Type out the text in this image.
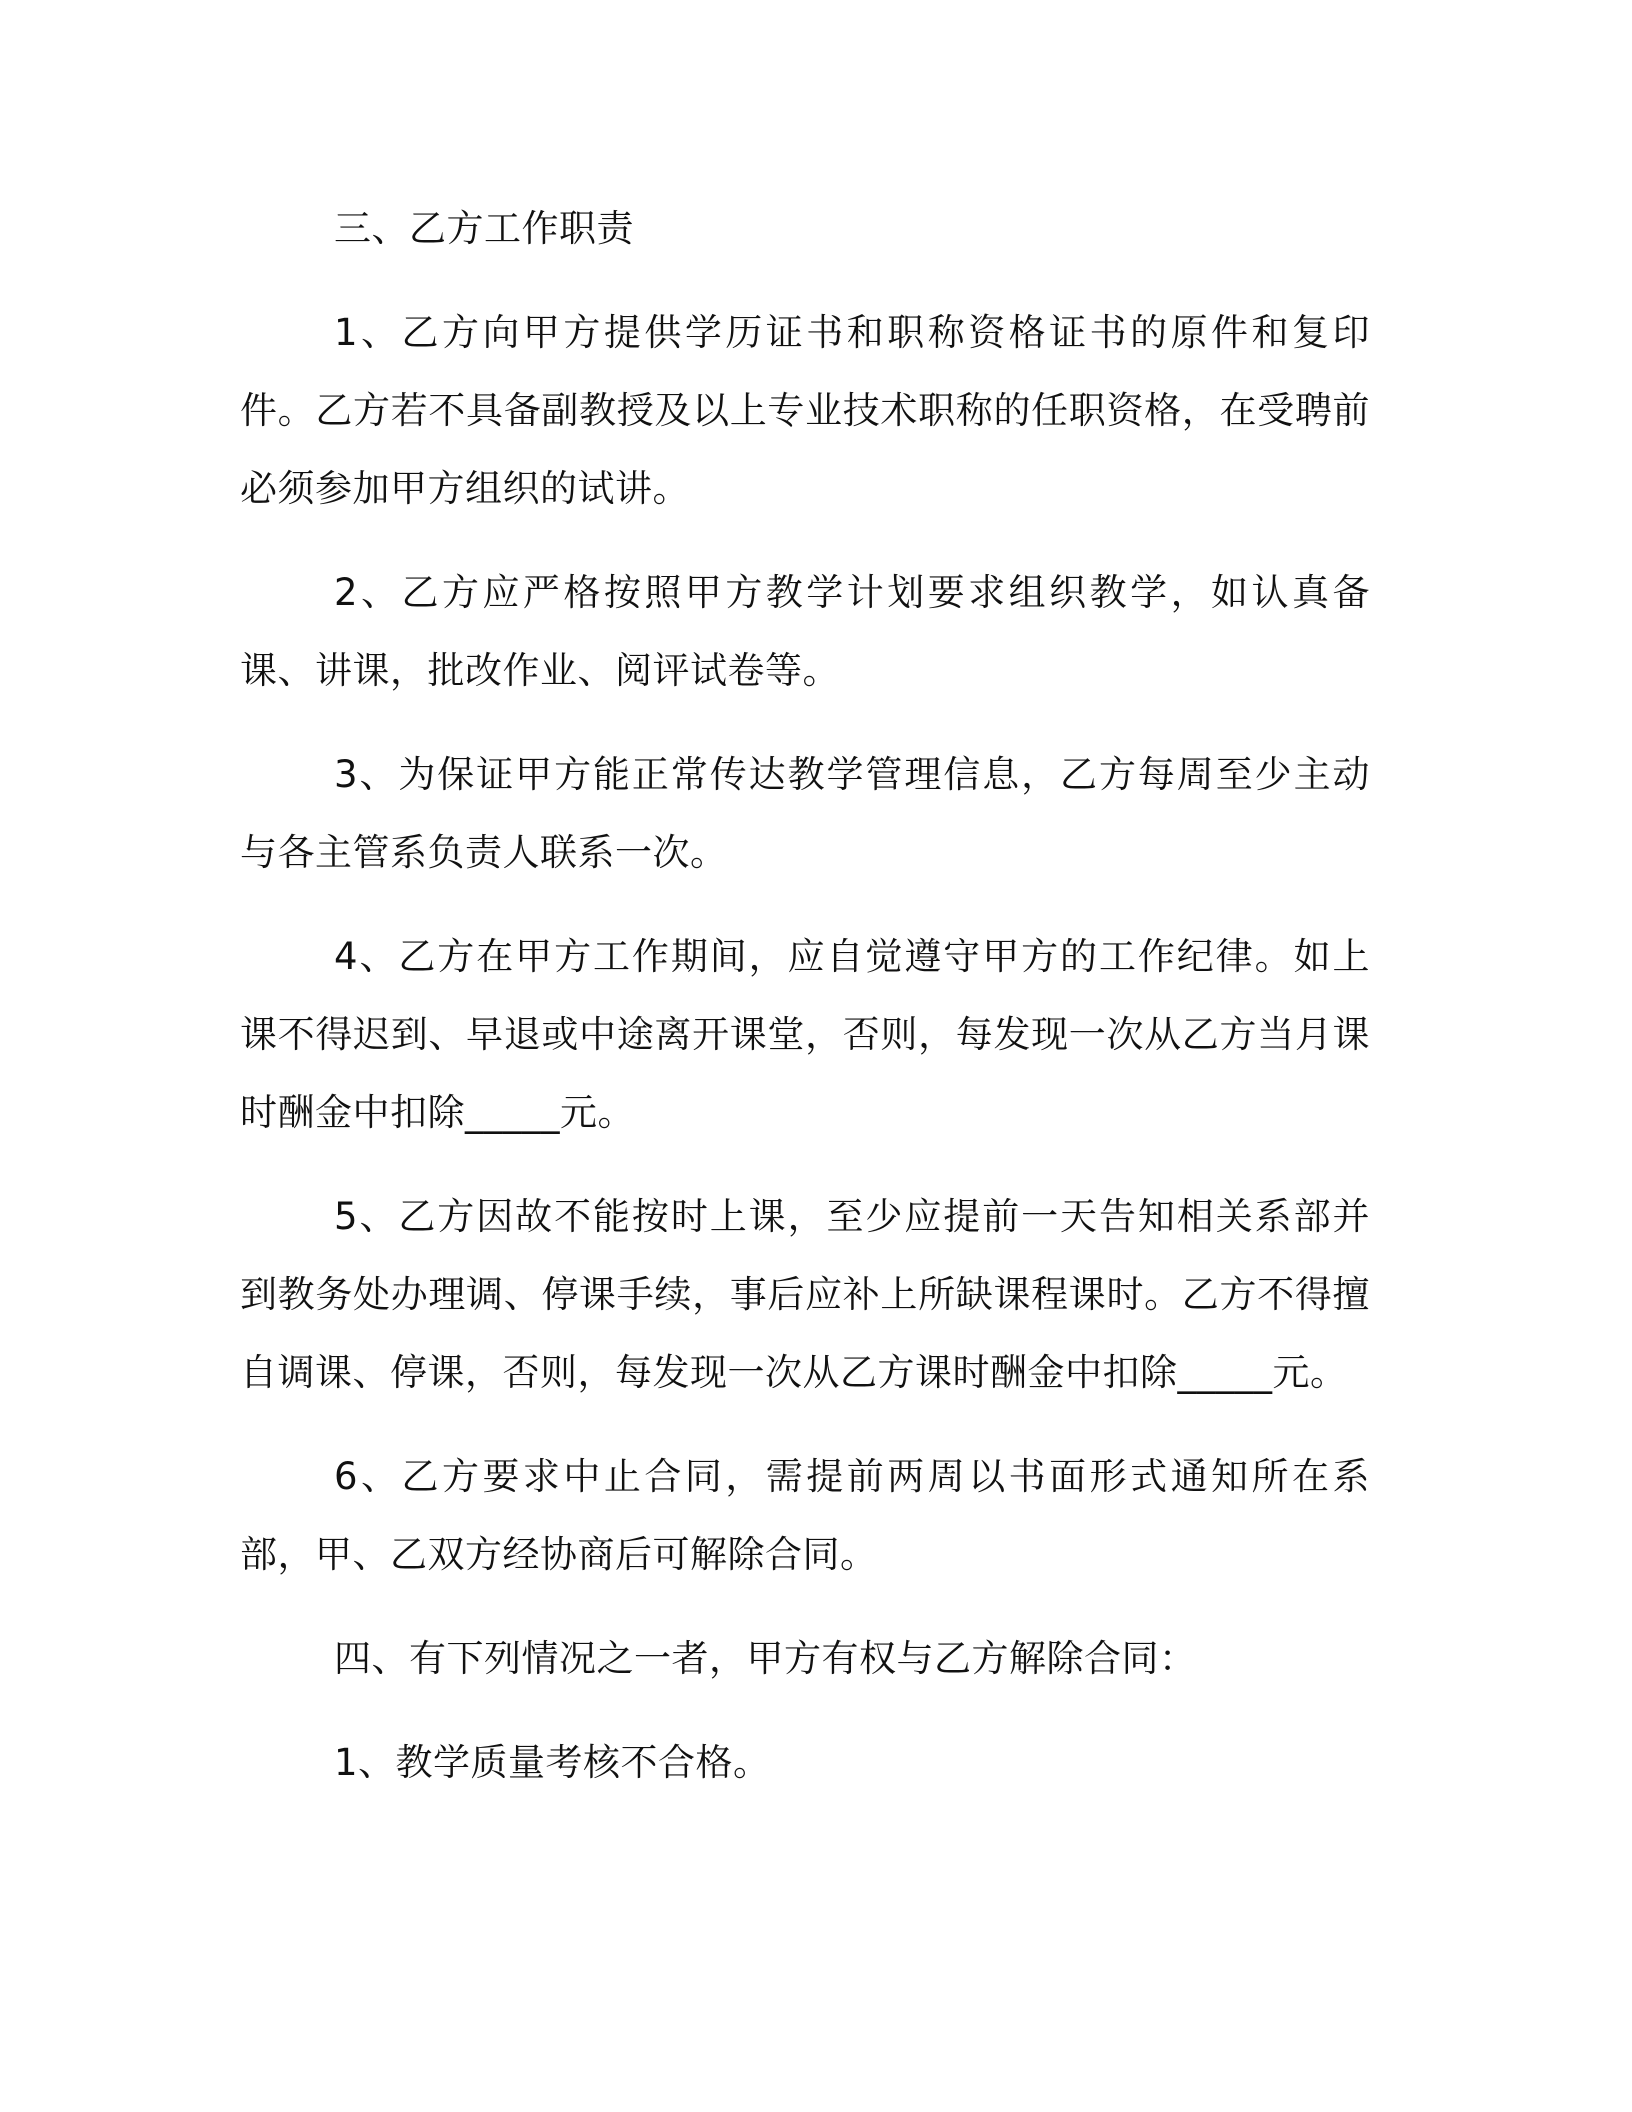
三、乙方工作职责

1、乙方向甲方提供学历证书和职称资格证书的原件和复印件。乙方若不具备副教授及以上专业技术职称的任职资格，在受聘前必须参加甲方组织的试讲。

2、乙方应严格按照甲方教学计划要求组织教学，如认真备课、讲课，批改作业、阅评试卷等。

3、为保证甲方能正常传达教学管理信息，乙方每周至少主动与各主管系负责人联系一次。

4、乙方在甲方工作期间，应自觉遵守甲方的工作纪律。如上课不得迟到、早退或中途离开课堂，否则，每发现一次从乙方当月课时酬金中扣除_____元。

5、乙方因故不能按时上课，至少应提前一天告知相关系部并到教务处办理调、停课手续，事后应补上所缺课程课时。乙方不得擅自调课、停课，否则，每发现一次从乙方课时酬金中扣除_____元。

6、乙方要求中止合同，需提前两周以书面形式通知所在系部，甲、乙双方经协商后可解除合同。

四、有下列情况之一者，甲方有权与乙方解除合同：

1、教学质量考核不合格。
